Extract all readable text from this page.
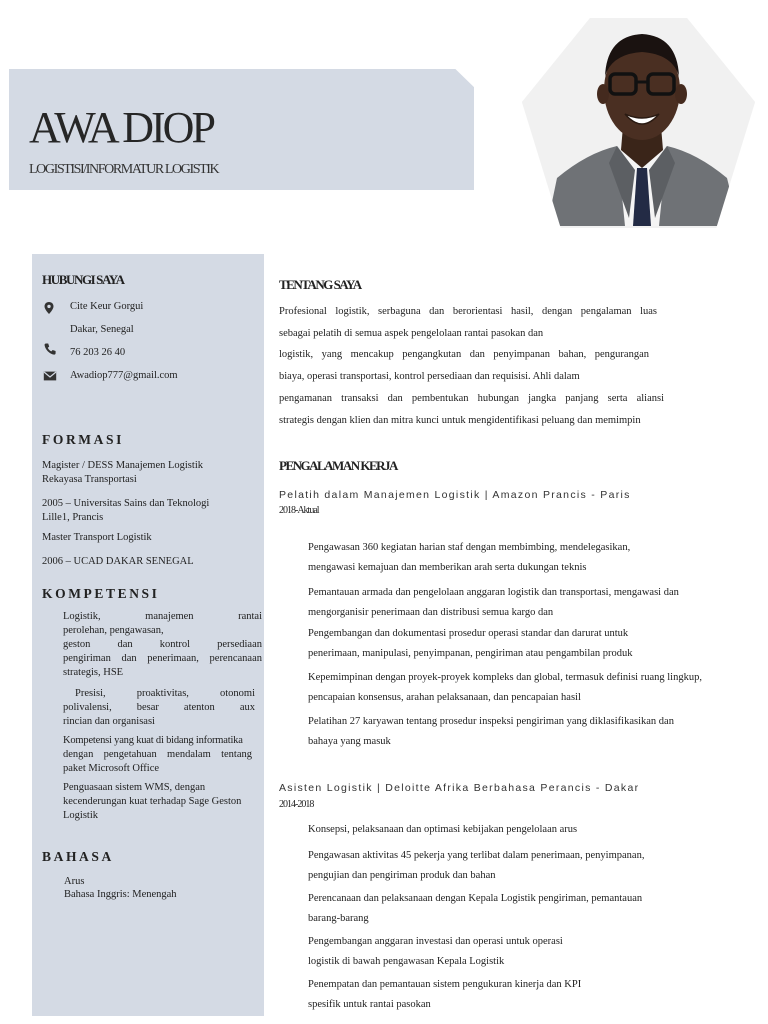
AWA DIOP
LOGISTISI/INFORMATUR LOGISTIK
HUBUNGI SAYA
Cite Keur Gorgui
Dakar, Senegal
76 203 26 40
Awadiop777@gmail.com
FORMASI
Magister / DESS Manajemen Logistik
Rekayasa Transportasi
2005 – Universitas Sains dan Teknologi
Lille1, Prancis
Master Transport Logistik
2006 – UCAD DAKAR SENEGAL
KOMPETENSI
Logistik, manajemen rantai
perolehan, pengawasan,
geston dan kontrol persediaan
pengiriman dan penerimaan, perencanaan
strategis, HSE
Presisi, proaktivitas, otonomi
polivalensi, besar atenton aux
rincian dan organisasi
Kompetensi yang kuat di bidang informatika
dengan pengetahuan mendalam tentang
paket Microsoft Office
Penguasaan sistem WMS, dengan
kecenderungan kuat terhadap Sage Geston
Logistik
BAHASA
Arus
Bahasa Inggris: Menengah
TENTANG SAYA
Profesional logistik, serbaguna dan berorientasi hasil, dengan pengalaman luas
sebagai pelatih di semua aspek pengelolaan rantai pasokan dan
logistik, yang mencakup pengangkutan dan penyimpanan bahan, pengurangan
biaya, operasi transportasi, kontrol persediaan dan requisisi. Ahli dalam
pengamanan transaksi dan pembentukan hubungan jangka panjang serta aliansi
strategis dengan klien dan mitra kunci untuk mengidentifikasi peluang dan memimpin
PENGALAMAN KERJA
Pelatih dalam Manajemen Logistik | Amazon Prancis - Paris
2018-Aktual
Pengawasan 360 kegiatan harian staf dengan membimbing, mendelegasikan,
mengawasi kemajuan dan memberikan arah serta dukungan teknis
Pemantauan armada dan pengelolaan anggaran logistik dan transportasi, mengawasi dan
mengorganisir penerimaan dan distribusi semua kargo dan
Pengembangan dan dokumentasi prosedur operasi standar dan darurat untuk
penerimaan, manipulasi, penyimpanan, pengiriman atau pengambilan produk
Kepemimpinan dengan proyek-proyek kompleks dan global, termasuk definisi ruang lingkup,
pencapaian konsensus, arahan pelaksanaan, dan pencapaian hasil
Pelatihan 27 karyawan tentang prosedur inspeksi pengiriman yang diklasifikasikan dan
bahaya yang masuk
Asisten Logistik | Deloitte Afrika Berbahasa Perancis - Dakar
2014-2018
Konsepsi, pelaksanaan dan optimasi kebijakan pengelolaan arus
Pengawasan aktivitas 45 pekerja yang terlibat dalam penerimaan, penyimpanan,
pengujian dan pengiriman produk dan bahan
Perencanaan dan pelaksanaan dengan Kepala Logistik pengiriman, pemantauan
barang-barang
Pengembangan anggaran investasi dan operasi untuk operasi
logistik di bawah pengawasan Kepala Logistik
Penempatan dan pemantauan sistem pengukuran kinerja dan KPI
spesifik untuk rantai pasokan
